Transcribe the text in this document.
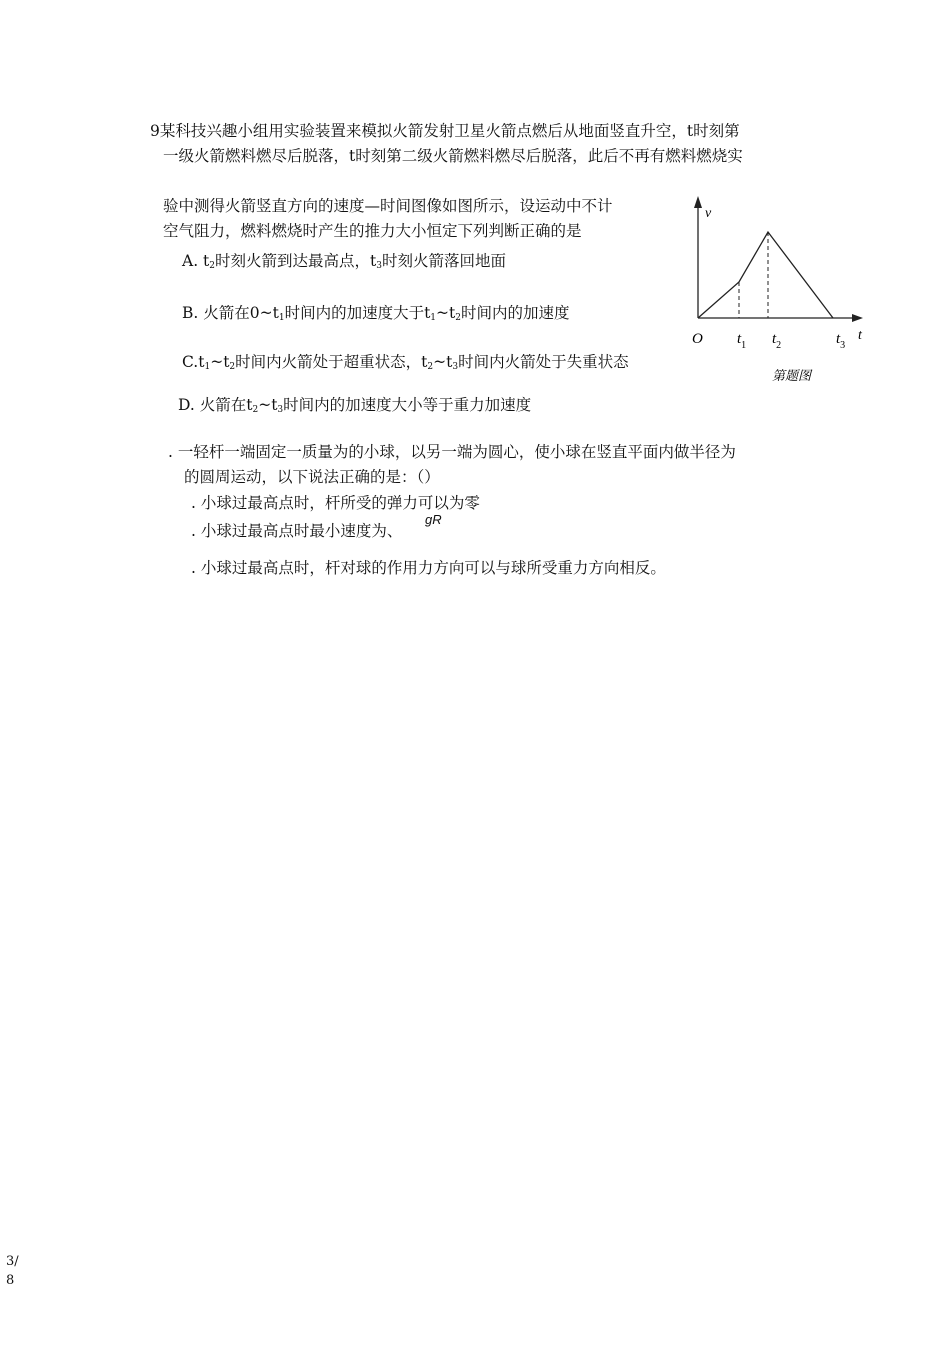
9某科技兴趣小组用实验装置来模拟火箭发射卫星火箭点燃后从地面竖直升空，t时刻第
一级火箭燃料燃尽后脱落，t时刻第二级火箭燃料燃尽后脱落，此后不再有燃料燃烧实
验中测得火箭竖直方向的速度—时间图像如图所示，设运动中不计
空气阻力，燃料燃烧时产生的推力大小恒定下列判断正确的是
A. $t_2$时刻火箭到达最高点，$t_3$时刻火箭落回地面
B. 火箭在$0\sim t_1$时间内的加速度大于$t_1\sim t_2$时间内的加速度
$C.t_1\sim t_2$时间内火箭处于超重状态，$t_2\sim t_3$时间内火箭处于失重状态
D. 火箭在$t_2\sim t_3$时间内的加速度大小等于重力加速度
v
t
O $t_1$ $t_2$	$t_3$
第题图
. 一轻杆一端固定一质量为的小球，以另一端为圆心，使小球在竖直平面内做半径为
的圆周运动，以下说法正确的是：（）
. 小球过最高点时，杆所受的弹力可以为零
. 小球过最高点时最小速度为、
gR
. 小球过最高点时，杆对球的作用力方向可以与球所受重力方向相反。
3/
8
